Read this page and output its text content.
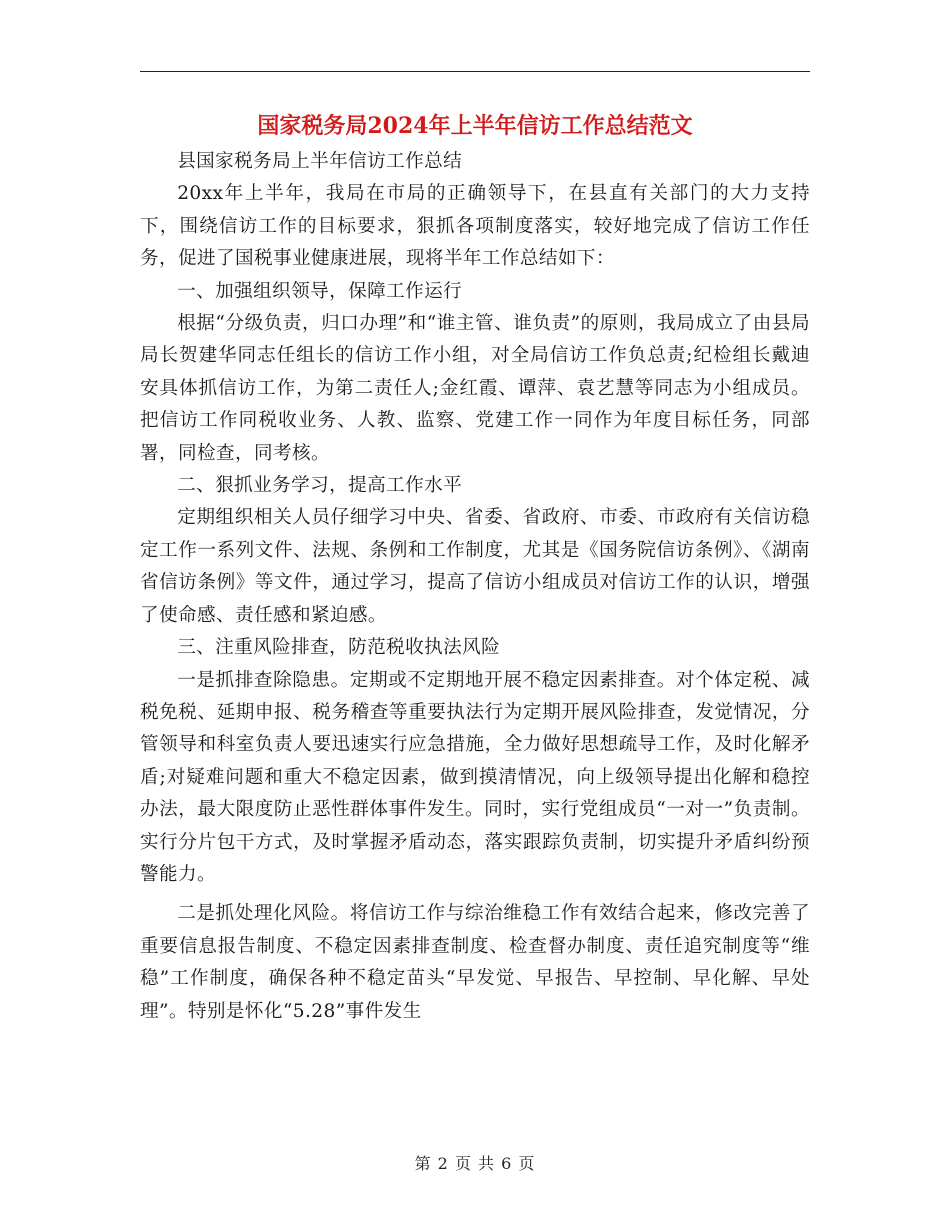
国家税务局2024年上半年信访工作总结范文

县国家税务局上半年信访工作总结

20xx年上半年，我局在市局的正确领导下，在县直有关部门的大力支持下，围绕信访工作的目标要求，狠抓各项制度落实，较好地完成了信访工作任务，促进了国税事业健康进展，现将半年工作总结如下：

一、加强组织领导，保障工作运行

根据“分级负责，归口办理”和“谁主管、谁负责”的原则，我局成立了由县局局长贺建华同志任组长的信访工作小组，对全局信访工作负总责;纪检组长戴迪安具体抓信访工作，为第二责任人;金红霞、谭萍、袁艺慧等同志为小组成员。把信访工作同税收业务、人教、监察、党建工作一同作为年度目标任务，同部署，同检查，同考核。

二、狠抓业务学习，提高工作水平

定期组织相关人员仔细学习中央、省委、省政府、市委、市政府有关信访稳定工作一系列文件、法规、条例和工作制度，尤其是《国务院信访条例》、《湖南省信访条例》等文件，通过学习，提高了信访小组成员对信访工作的认识，增强了使命感、责任感和紧迫感。

三、注重风险排查，防范税收执法风险

一是抓排查除隐患。定期或不定期地开展不稳定因素排查。对个体定税、减税免税、延期申报、税务稽查等重要执法行为定期开展风险排查，发觉情况，分管领导和科室负责人要迅速实行应急措施，全力做好思想疏导工作，及时化解矛盾;对疑难问题和重大不稳定因素，做到摸清情况，向上级领导提出化解和稳控办法，最大限度防止恶性群体事件发生。同时，实行党组成员“一对一”负责制。实行分片包干方式，及时掌握矛盾动态，落实跟踪负责制，切实提升矛盾纠纷预警能力。

二是抓处理化风险。将信访工作与综治维稳工作有效结合起来，修改完善了重要信息报告制度、不稳定因素排查制度、检查督办制度、责任追究制度等“维稳”工作制度，确保各种不稳定苗头“早发觉、早报告、早控制、早化解、早处理”。特别是怀化“5.28”事件发生

第 2 页 共 6 页
